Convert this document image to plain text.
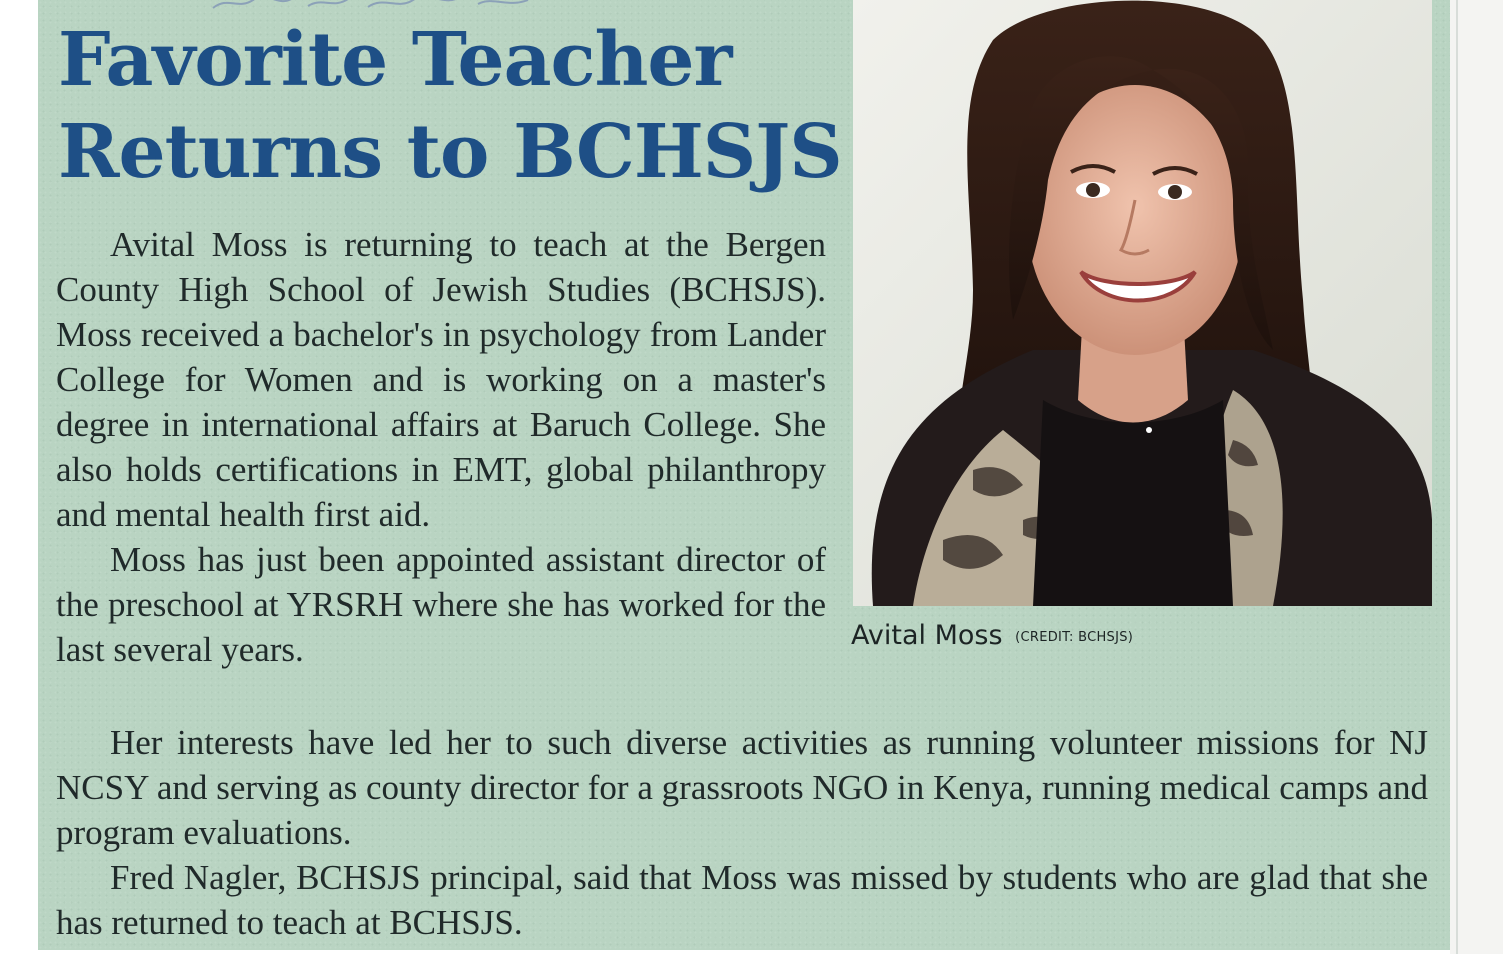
Favorite Teacher
Returns to BCHSJS

Avital Moss is returning to teach at the Bergen County High School of Jewish Studies (BCHSJS). Moss received a bachelor's in psychology from Lander College for Women and is working on a master's degree in international affairs at Baruch College. She also holds certifications in EMT, global philanthropy and mental health first aid.

Moss has just been appointed assistant director of the preschool at YRSRH where she has worked for the last several years.

Her interests have led her to such diverse activities as running volunteer missions for NJ NCSY and serving as county director for a grassroots NGO in Kenya, running medical camps and program evaluations.

Fred Nagler, BCHSJS principal, said that Moss was missed by students who are glad that she has returned to teach at BCHSJS.

Avital Moss (CREDIT: BCHSJS)
